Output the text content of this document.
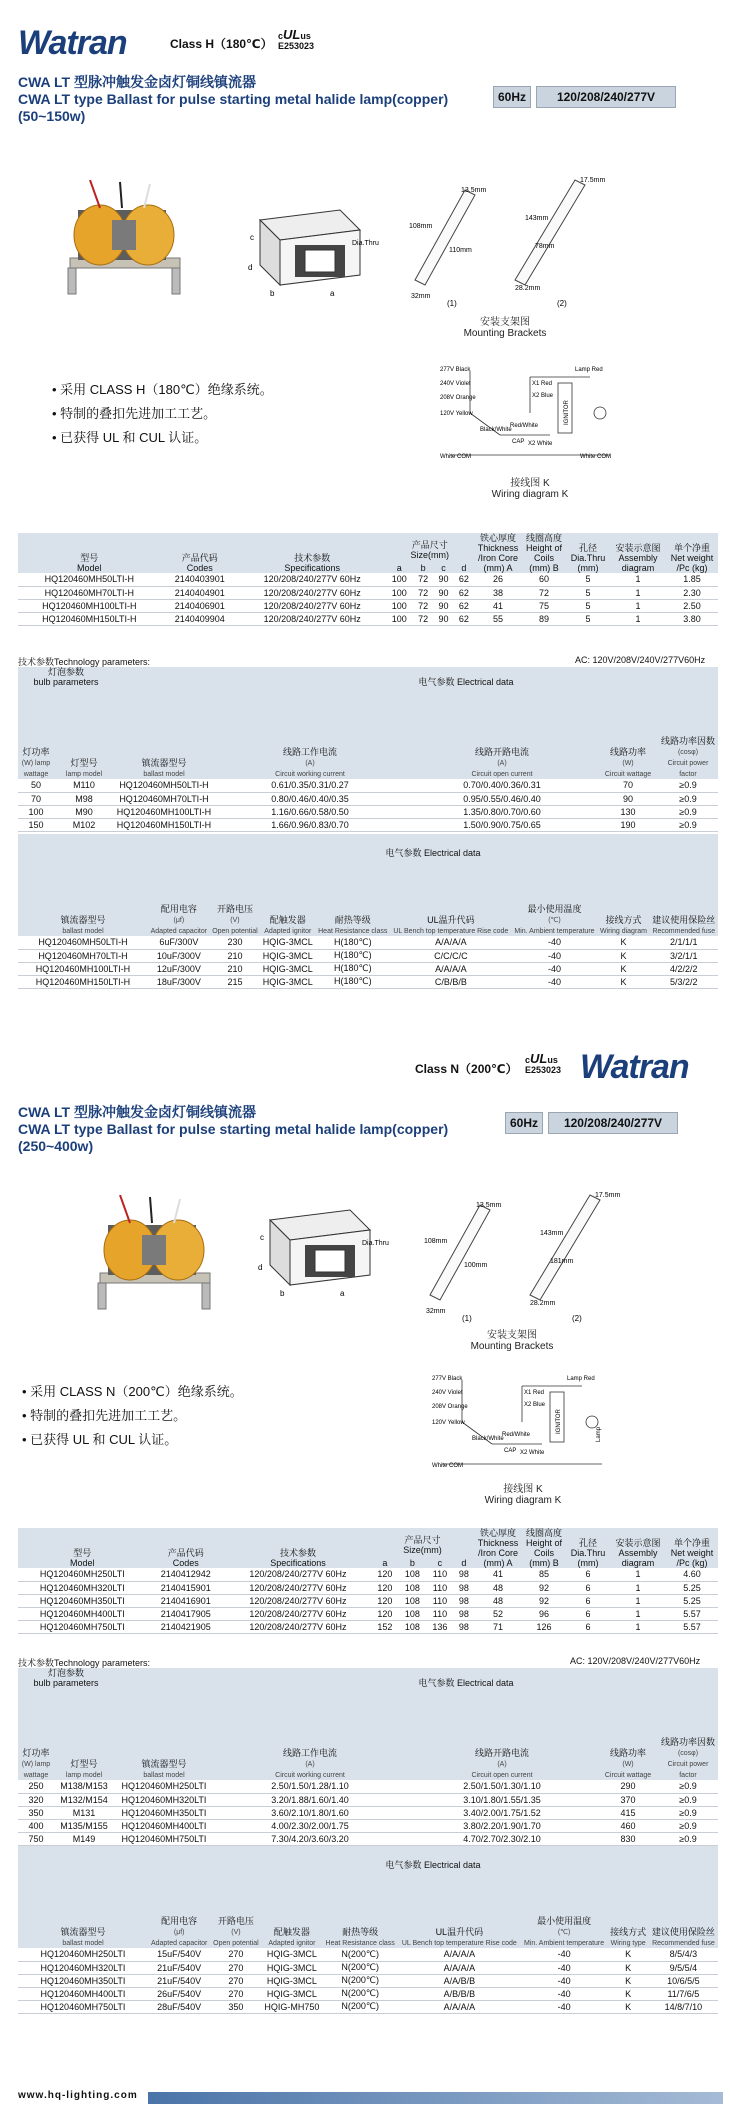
Watran	Class H（180℃）
cULus
E253023
CWA LT 型脉冲触发金卤灯铜线镇流器
CWA LT type Ballast for pulse starting metal halide lamp(copper)
(50~150w)
60Hz	120/208/240/277V
c
d
b	a
Dia.Thru
13.5mm
108mm
110mm
32mm
(1)
17.5mm
143mm
78mm
28.2mm
(2)
安装支架图
Mounting Brackets
• 采用 CLASS H（180℃）绝缘系统。
• 特制的叠扣先进加工工艺。
• 已获得 UL 和 CUL 认证。
277V Black
240V Violet
208V Orange
120V Yellow
White COM
Lamp Red
X1 Red
X2 Blue
Black/White
Red/White
CAP X2 White
IGNITOR
White COM
接线图 K
Wiring diagram K
型号
Model	产品代码
Codes	技术参数
Specifications	产品尺寸
Size(mm)				铁心厚度
Thickness /Iron Core (mm) A	线圈高度
Height of Coils (mm) B	孔径
Dia.Thru (mm)	安装示意图
Assembly diagram	单个净重
Net weight /Pc (kg)
			a	b	c	d					
HQ120460MH50LTI-H	2140403901	120/208/240/277V 60Hz	100	72	90	62	26	60	5	1	1.85
HQ120460MH70LTI-H	2140404901	120/208/240/277V 60Hz	100	72	90	62	38	72	5	1	2.30
HQ120460MH100LTI-H	2140406901	120/208/240/277V 60Hz	100	72	90	62	41	75	5	1	2.50
HQ120460MH150LTI-H	2140409904	120/208/240/277V 60Hz	100	72	90	62	55	89	5	1	3.80
技术参数Technology parameters:	AC: 120V/208V/240V/277V60Hz
灯泡参数
bulb parameters		镇流器型号
ballast model	电气参数 Electrical data			
灯功率
(W) lamp wattage	灯型号
lamp model		线路工作电流
(A)
Circuit working current	线路开路电流
(A)
Circuit open current	线路功率
(W)
Circuit wattage	线路功率因数
(cosφ)
Circuit power factor
50	M110	HQ120460MH50LTI-H	0.61/0.35/0.31/0.27	0.70/0.40/0.36/0.31	70	≥0.9
70	M98	HQ120460MH70LTI-H	0.80/0.46/0.40/0.35	0.95/0.55/0.46/0.40	90	≥0.9
100	M90	HQ120460MH100LTI-H	1.16/0.66/0.58/0.50	1.35/0.80/0.70/0.60	130	≥0.9
150	M102	HQ120460MH150LTI-H	1.66/0.96/0.83/0.70	1.50/0.90/0.75/0.65	190	≥0.9
镇流器型号
ballast model	电气参数 Electrical data							
	配用电容
(μf)
Adapted capacitor	开路电压
(V)
Open potential	配触发器
Adapted ignitor	耐热等级
Heat Resistance class	UL温升代码
UL Bench top temperature Rise code	最小使用温度
(℃)
Min. Ambient temperature	接线方式
Wiring diagram	建议使用保险丝
Recommended fuse
HQ120460MH50LTI-H	6uF/300V	230	HQIG-3MCL	H(180℃)	A/A/A/A	-40	K	2/1/1/1
HQ120460MH70LTI-H	10uF/300V	210	HQIG-3MCL	H(180℃)	C/C/C/C	-40	K	3/2/1/1
HQ120460MH100LTI-H	12uF/300V	210	HQIG-3MCL	H(180℃)	A/A/A/A	-40	K	4/2/2/2
HQ120460MH150LTI-H	18uF/300V	215	HQIG-3MCL	H(180℃)	C/B/B/B	-40	K	5/3/2/2
Class N（200℃）
cULus
E253023 Watran
CWA LT 型脉冲触发金卤灯铜线镇流器
CWA LT type Ballast for pulse starting metal halide lamp(copper)
(250~400w)
60Hz	120/208/240/277V
c
d
b	a
Dia.Thru
13.5mm
108mm
100mm
32mm
(1)
17.5mm
143mm
181mm
28.2mm
(2)
安装支架图
Mounting Brackets
• 采用 CLASS N（200℃）绝缘系统。
• 特制的叠扣先进加工工艺。
• 已获得 UL 和 CUL 认证。
277V Black
240V Violet
208V Orange
120V Yellow
White COM
Lamp Red
X1 Red
X2 Blue
Black/White
Red/White
CAP X2 White
IGNITOR
Lamp
接线图 K
Wiring diagram K
型号
Model	产品代码
Codes	技术参数
Specifications	产品尺寸
Size(mm)				铁心厚度
Thickness /Iron Core (mm) A	线圈高度
Height of Coils (mm) B	孔径
Dia.Thru (mm)	安装示意图
Assembly diagram	单个净重
Net weight /Pc (kg)
			a	b	c	d					
HQ120460MH250LTI	2140412942	120/208/240/277V 60Hz	120	108	110	98	41	85	6	1	4.60
HQ120460MH320LTI	2140415901	120/208/240/277V 60Hz	120	108	110	98	48	92	6	1	5.25
HQ120460MH350LTI	2140416901	120/208/240/277V 60Hz	120	108	110	98	48	92	6	1	5.25
HQ120460MH400LTI	2140417905	120/208/240/277V 60Hz	120	108	110	98	52	96	6	1	5.57
HQ120460MH750LTI	2140421905	120/208/240/277V 60Hz	152	108	136	98	71	126	6	1	5.57
技术参数Technology parameters:	AC: 120V/208V/240V/277V60Hz
灯泡参数
bulb parameters		镇流器型号
ballast model	电气参数 Electrical data			
灯功率
(W) lamp wattage	灯型号
lamp model		线路工作电流
(A)
Circuit working current	线路开路电流
(A)
Circuit open current	线路功率
(W)
Circuit wattage	线路功率因数
(cosφ)
Circuit power factor
250	M138/M153	HQ120460MH250LTI	2.50/1.50/1.28/1.10	2.50/1.50/1.30/1.10	290	≥0.9
320	M132/M154	HQ120460MH320LTI	3.20/1.88/1.60/1.40	3.10/1.80/1.55/1.35	370	≥0.9
350	M131	HQ120460MH350LTI	3.60/2.10/1.80/1.60	3.40/2.00/1.75/1.52	415	≥0.9
400	M135/M155	HQ120460MH400LTI	4.00/2.30/2.00/1.75	3.80/2.20/1.90/1.70	460	≥0.9
750	M149	HQ120460MH750LTI	7.30/4.20/3.60/3.20	4.70/2.70/2.30/2.10	830	≥0.9
镇流器型号
ballast model	电气参数 Electrical data							
	配用电容
(μf)
Adapted capacitor	开路电压
(V)
Open potential	配触发器
Adapted ignitor	耐热等级
Heat Resistance class	UL温升代码
UL Bench top temperature Rise code	最小使用温度
(℃)
Min. Ambient temperature	接线方式
Wiring type	建议使用保险丝
Recommended fuse
HQ120460MH250LTI	15uF/540V	270	HQIG-3MCL	N(200℃)	A/A/A/A	-40	K	8/5/4/3
HQ120460MH320LTI	21uF/540V	270	HQIG-3MCL	N(200℃)	A/A/A/A	-40	K	9/5/5/4
HQ120460MH350LTI	21uF/540V	270	HQIG-3MCL	N(200℃)	A/A/B/B	-40	K	10/6/5/5
HQ120460MH400LTI	26uF/540V	270	HQIG-3MCL	N(200℃)	A/B/B/B	-40	K	11/7/6/5
HQ120460MH750LTI	28uF/540V	350	HQIG-MH750	N(200℃)	A/A/A/A	-40	K	14/8/7/10
www.hq-lighting.com
